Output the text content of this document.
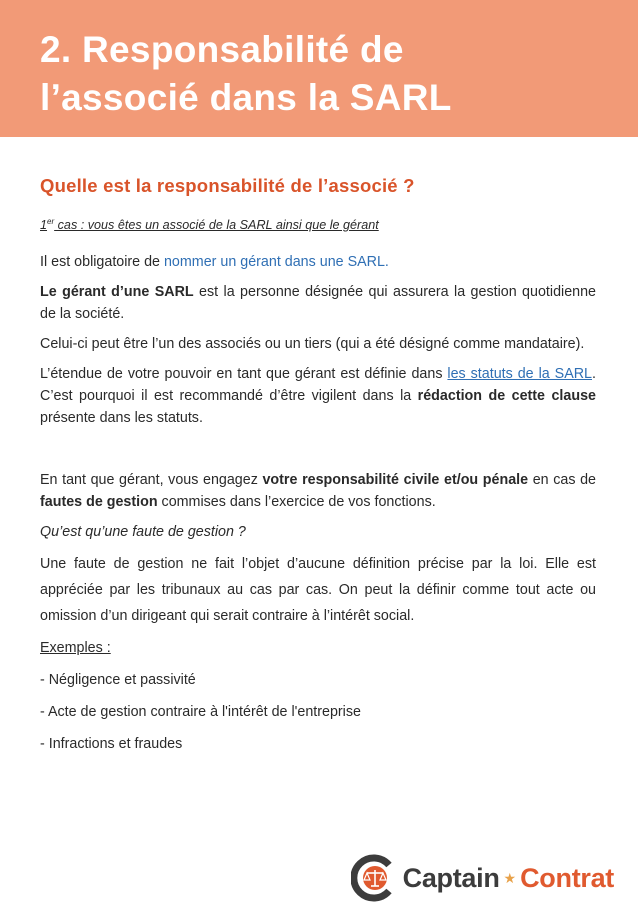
2. Responsabilité de
l’associé dans la SARL
Quelle est la responsabilité de l’associé ?
1er cas : vous êtes un associé de la SARL ainsi que le gérant

Il est obligatoire de nommer un gérant dans une SARL.

Le gérant d’une SARL est la personne désignée qui assurera la gestion quotidienne de la société.

Celui-ci peut être l’un des associés ou un tiers (qui a été désigné comme mandataire).

L’étendue de votre pouvoir en tant que gérant est définie dans les statuts de la SARL. C’est pourquoi il est recommandé d’être vigilent dans la rédaction de cette clause présente dans les statuts.

En tant que gérant, vous engagez votre responsabilité civile et/ou pénale en cas de fautes de gestion commises dans l’exercice de vos fonctions.

Qu’est qu’une faute de gestion ?

Une faute de gestion ne fait l’objet d’aucune définition précise par la loi. Elle est appréciée par les tribunaux au cas par cas. On peut la définir comme tout acte ou omission d’un dirigeant qui serait contraire à l’intérêt social.

Exemples :

- Négligence et passivité
- Acte de gestion contraire à l'intérêt de l'entreprise
- Infractions et fraudes
Captain ★ Contrat
